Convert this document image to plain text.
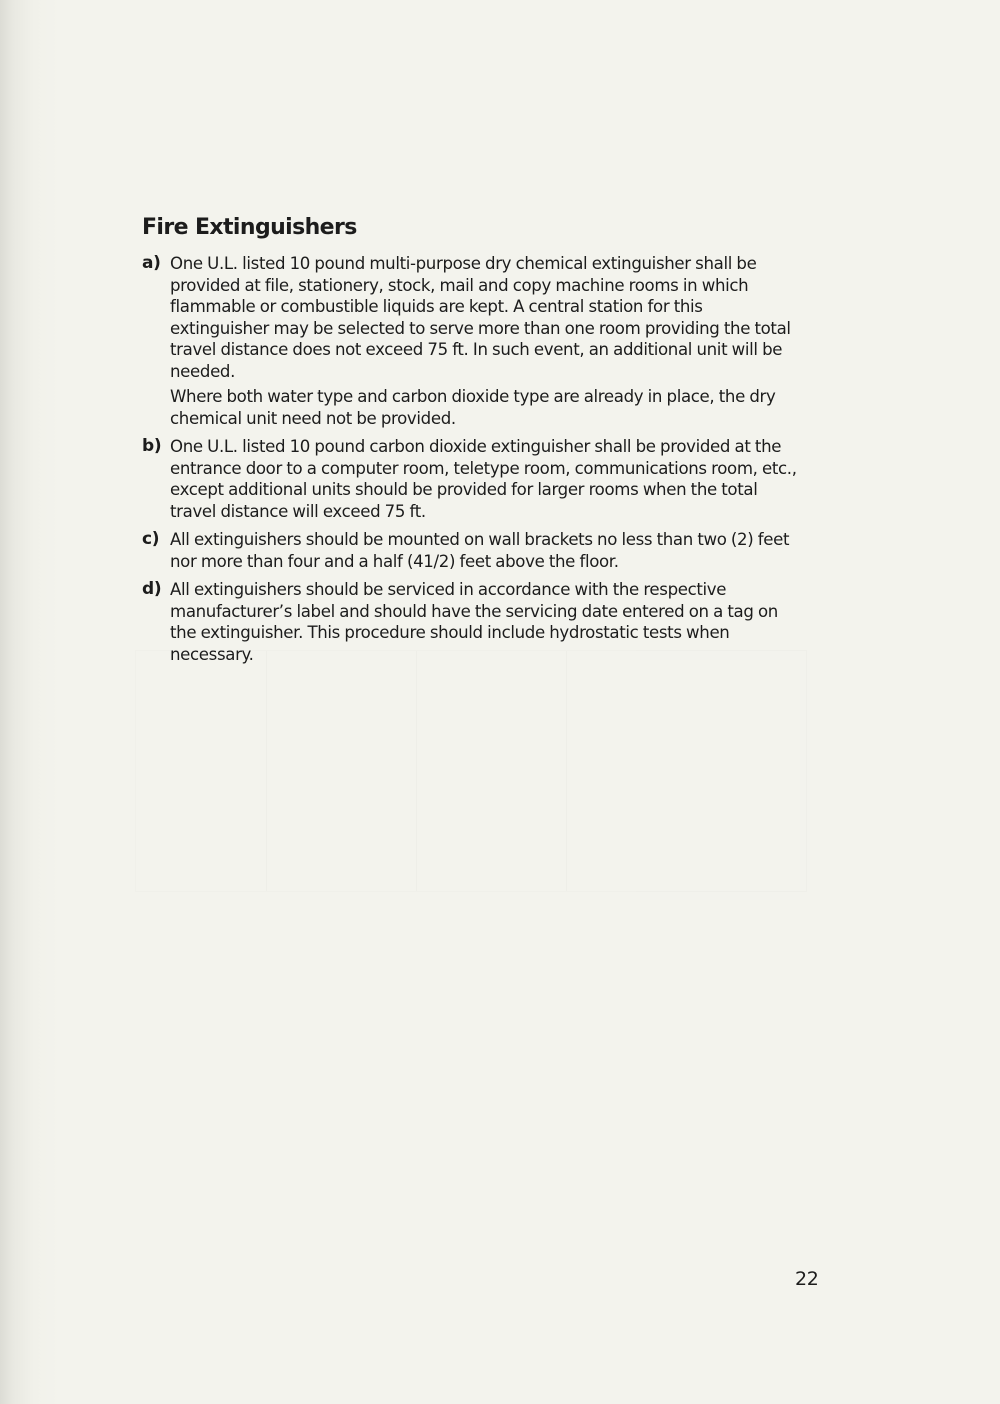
Fire Extinguishers
a) One U.L. listed 10 pound multi-purpose dry chemical extinguisher shall be provided at file, stationery, stock, mail and copy machine rooms in which flammable or combustible liquids are kept. A central station for this extinguisher may be selected to serve more than one room providing the total travel distance does not exceed 75 ft. In such event, an additional unit will be needed.

Where both water type and carbon dioxide type are already in place, the dry chemical unit need not be provided.

b) One U.L. listed 10 pound carbon dioxide extinguisher shall be provided at the entrance door to a computer room, teletype room, communications room, etc., except additional units should be provided for larger rooms when the total travel distance will exceed 75 ft.

c) All extinguishers should be mounted on wall brackets no less than two (2) feet nor more than four and a half (41/2) feet above the floor.

d) All extinguishers should be serviced in accordance with the respective manufacturer’s label and should have the servicing date entered on a tag on the extinguisher. This procedure should include hydrostatic tests when necessary.

22
